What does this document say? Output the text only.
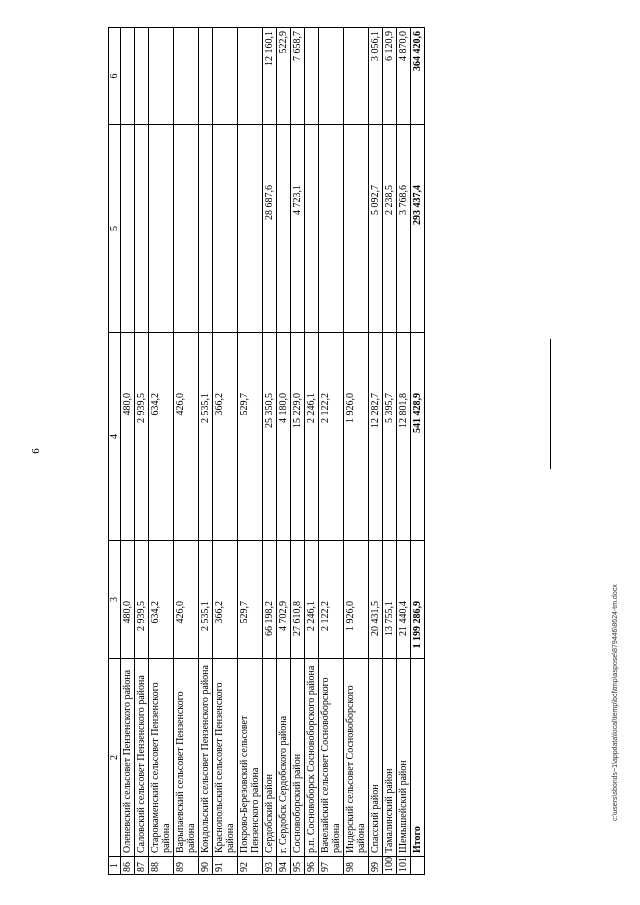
6
1	2	3	4	5	6
86	Оленевский сельсовет Пензенского района	480,0	480,0		
87	Саловский сельсовет Пензенского района	2 939,5	2 939,5		
88	Старокаменский сельсовет Пензенского района	634,2	634,2		
89	Варыпаевский сельсовет Пензенского района	426,0	426,0		
90	Кондольский сельсовет Пензенского района	2 535,1	2 535,1		
91	Краснопольский сельсовет Пензенского района	366,2	366,2		
92	Покрово-Березовский сельсовет Пензенского района	529,7	529,7		
93	Сердобский район	66 198,2	25 350,5	28 687,6	12 160,1
94	г. Сердобск Сердобского района	4 702,9	4 180,0		522,9
95	Сосновоборский район	27 610,8	15 229,0	4 723,1	7 658,7
96	р.п. Сосновоборск Сосновоборского района	2 246,1	2 246,1		
97	Вачелайский сельсовет Сосновоборского района	2 122,2	2 122,2		
98	Индерский сельсовет Сосновоборского района	1 926,0	1 926,0		
99	Спасский район	20 431,5	12 282,7	5 092,7	3 056,1
100	Тамалинский район	13 755,1	5 395,7	2 238,5	6 120,9
101	Шемышейский район	21 440,4	12 801,8	3 768,6	4 870,0
	Итого	1 199 286,9	541 428,9	293 437,4	364 420,6
c:\users\sbonds~1\appdata\local\temp\bcl\tmp\aspose\879446\8624-tm.docx
